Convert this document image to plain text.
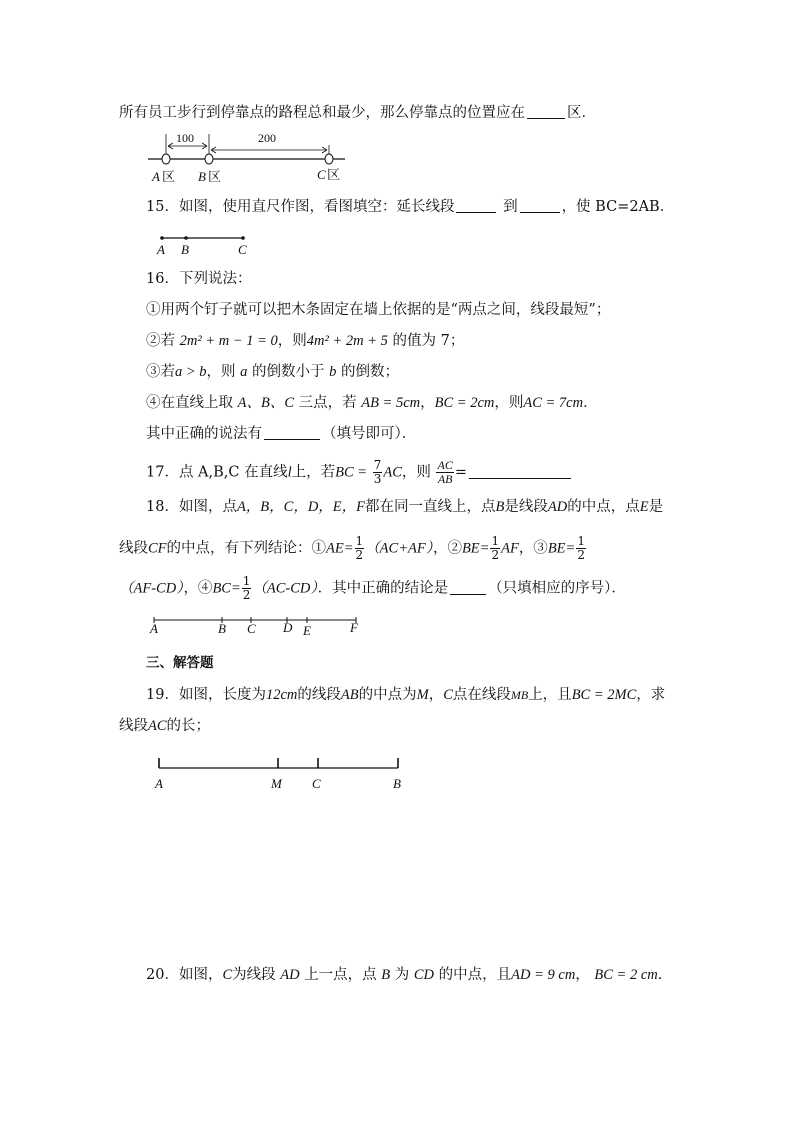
所有员工步行到停靠点的路程总和最少，那么停靠点的位置应在	区．
100	200
A 区 B 区	C 区
15．如图，使用直尺作图，看图填空：延长线段	到	，使 BC=2AB．
A B	C
16．下列说法：
①用两个钉子就可以把木条固定在墙上依据的是“两点之间，线段最短”；
②若 2m² + m − 1 = 0，则4m² + 2m + 5 的值为 7；
③若a > b，则 a 的倒数小于 b 的倒数；
④在直线上取 A、B、C 三点，若 AB = 5cm，BC = 2cm，则AC = 7cm．
其中正确的说法有	（填号即可）．
17．点 A,B,C 在直线l上，若BC = $\frac{7}{3}$ AC，则 $\frac{AC}{AB}$ =
18．如图，点A，B，C，D，E，F都在同一直线上，点B是线段AD的中点，点E是
线段CF的中点，有下列结论：①AE= $\frac{1}{2} (AC+AF)$，②BE= $\frac{1}{2}$ AF，③BE= $\frac{1}{2}$
（AF-CD），④BC= $\frac{1}{2} (AC-CD)$．其中正确的结论是	（只填相应的序号）．
A	B C D E	F
三、解答题
19．如图，长度为12cm的线段AB的中点为M，C点在线段MB上，且BC = 2MC，求
线段AC的长；
A	M C	B
20．如图，C为线段 AD 上一点，点 B 为 CD 的中点，且AD = 9 cm， BC = 2 cm.
